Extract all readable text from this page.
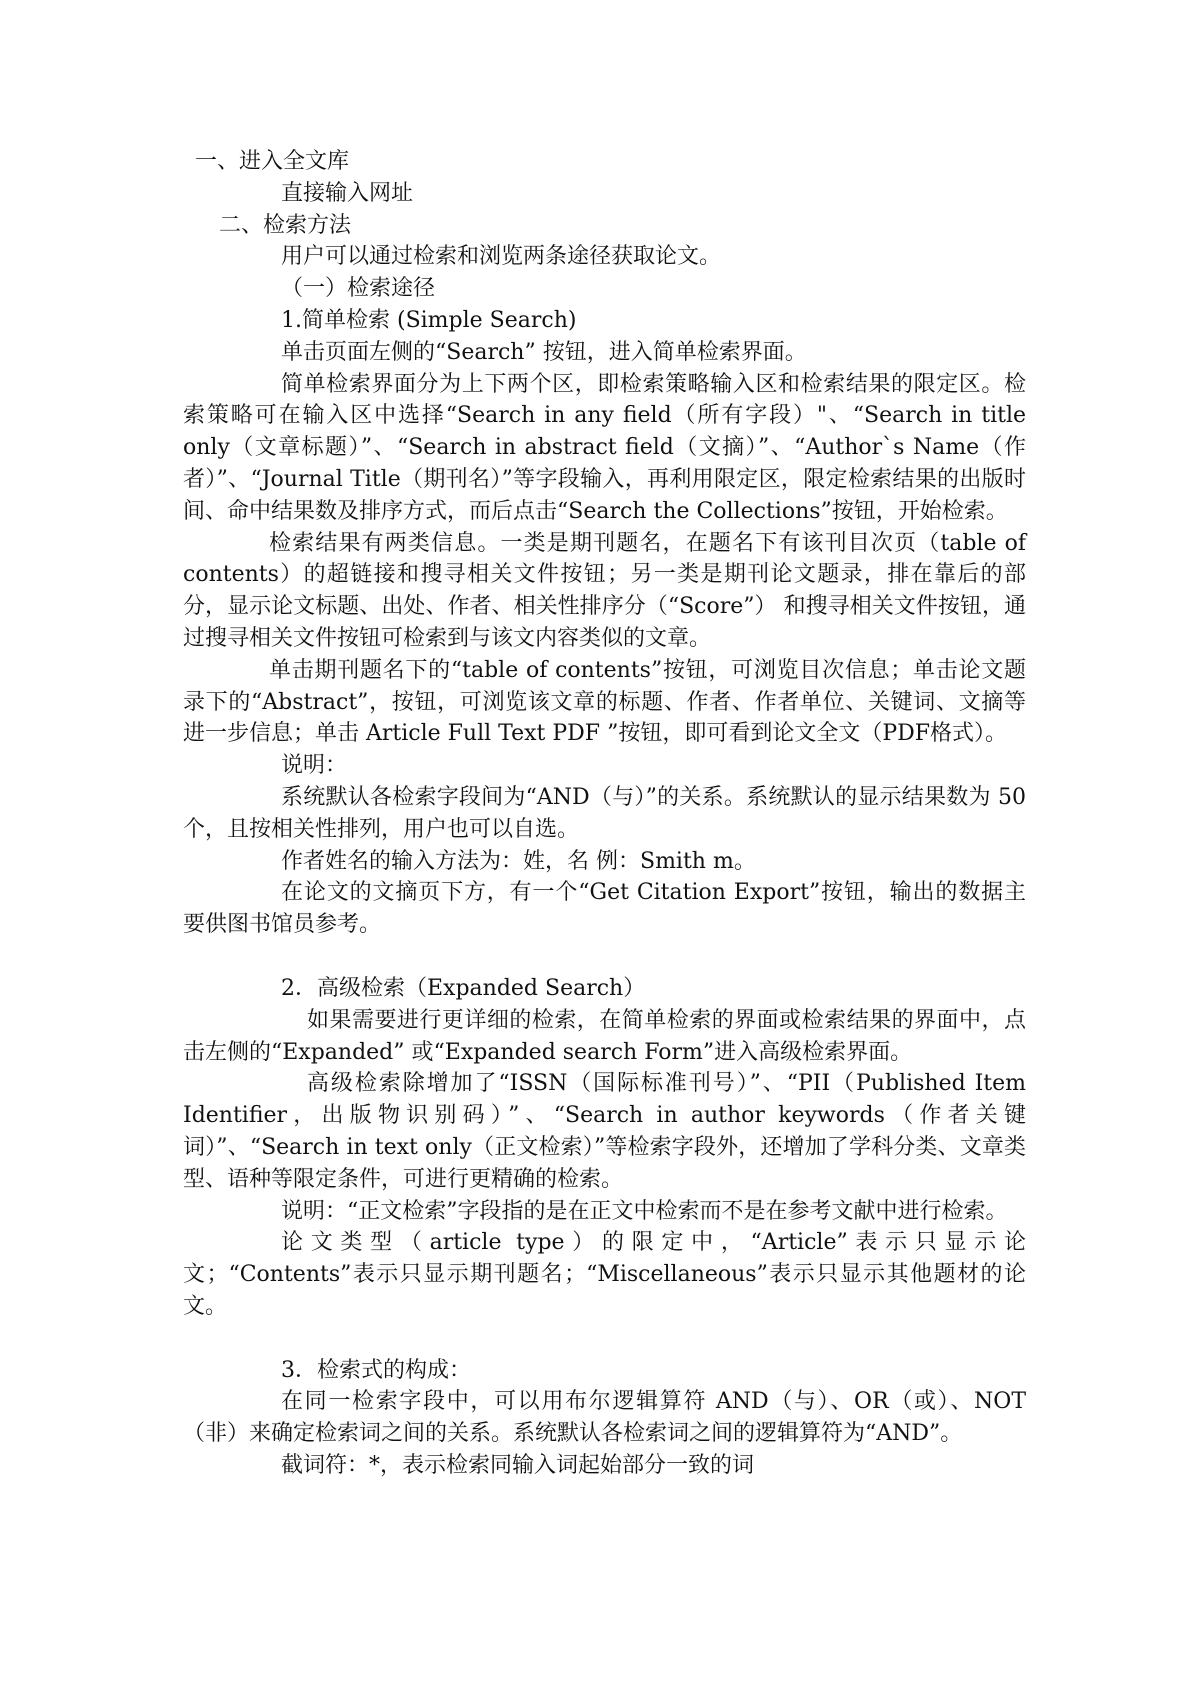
一、进入全文库
直接输入网址
二、检索方法
用户可以通过检索和浏览两条途径获取论文。
（一）检索途径
1.简单检索 (Simple Search)
单击页面左侧的“Search” 按钮，进入简单检索界面。
简单检索界面分为上下两个区，即检索策略输入区和检索结果的限定区。检索策略可在输入区中选择“Search in any field（所有字段）"、“Search in title only（文章标题）”、“Search in abstract field（文摘）”、“Author`s Name（作者）”、“Journal Title（期刊名）”等字段输入，再利用限定区，限定检索结果的出版时间、命中结果数及排序方式，而后点击“Search the Collections”按钮，开始检索。
检索结果有两类信息。一类是期刊题名，在题名下有该刊目次页（table of contents）的超链接和搜寻相关文件按钮；另一类是期刊论文题录，排在靠后的部分，显示论文标题、出处、作者、相关性排序分（“Score”） 和搜寻相关文件按钮，通过搜寻相关文件按钮可检索到与该文内容类似的文章。
单击期刊题名下的“table of contents”按钮，可浏览目次信息；单击论文题录下的“Abstract”，按钮，可浏览该文章的标题、作者、作者单位、关键词、文摘等进一步信息；单击 Article Full Text PDF ”按钮，即可看到论文全文（PDF格式）。
说明：
系统默认各检索字段间为“AND（与）”的关系。系统默认的显示结果数为 50 个，且按相关性排列，用户也可以自选。
作者姓名的输入方法为：姓，名 例：Smith m。
在论文的文摘页下方，有一个“Get Citation Export”按钮，输出的数据主要供图书馆员参考。
2．高级检索（Expanded Search）
如果需要进行更详细的检索，在简单检索的界面或检索结果的界面中，点击左侧的“Expanded” 或“Expanded search Form”进入高级检索界面。
高级检索除增加了“ISSN（国际标准刊号）”、“PII（Published Item Identifier，出版物识别码）”、“Search in author keywords（作者关键词）”、“Search in text only（正文检索）”等检索字段外，还增加了学科分类、文章类型、语种等限定条件，可进行更精确的检索。
说明：“正文检索”字段指的是在正文中检索而不是在参考文献中进行检索。
论文类型（article type）的限定中，“Article”表示只显示论文；“Contents”表示只显示期刊题名；“Miscellaneous”表示只显示其他题材的论文。
3．检索式的构成：
在同一检索字段中，可以用布尔逻辑算符 AND（与）、OR（或）、NOT（非）来确定检索词之间的关系。系统默认各检索词之间的逻辑算符为“AND”。
截词符：*，表示检索同输入词起始部分一致的词
